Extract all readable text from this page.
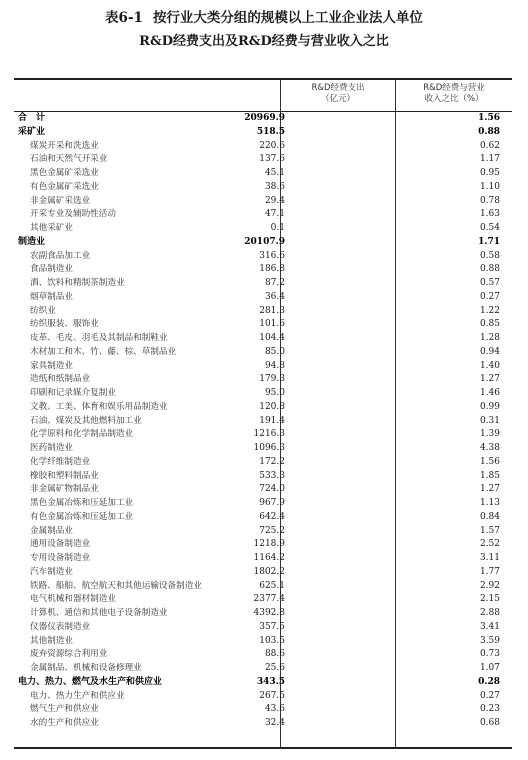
表6-1 按行业大类分组的规模以上工业企业法人单位
R&D经费支出及R&D经费与营业收入之比
R&D经费支出
（亿元）
R&D经费与营业
收入之比（%）
合　计	20969.9	1.56
采矿业	518.5	0.88
煤炭开采和洗选业	220.6	0.62
石油和天然气开采业	137.6	1.17
黑色金属矿采选业	45.1	0.95
有色金属矿采选业	38.6	1.10
非金属矿采选业	29.4	0.78
开采专业及辅助性活动	47.1	1.63
其他采矿业	0.1	0.54
制造业	20107.9	1.71
农副食品加工业	316.6	0.58
食品制造业	186.8	0.88
酒、饮料和精制茶制造业	87.2	0.57
烟草制品业	36.4	0.27
纺织业	281.3	1.22
纺织服装、服饰业	101.6	0.85
皮革、毛皮、羽毛及其制品和制鞋业	104.4	1.28
木材加工和木、竹、藤、棕、草制品业	85.0	0.94
家具制造业	94.8	1.40
造纸和纸制品业	179.3	1.27
印刷和记录媒介复制业	95.0	1.46
文教、工美、体育和娱乐用品制造业	120.8	0.99
石油、煤炭及其他燃料加工业	191.4	0.31
化学原料和化学制品制造业	1216.3	1.39
医药制造业	1096.3	4.38
化学纤维制造业	172.2	1.56
橡胶和塑料制品业	533.3	1.85
非金属矿物制品业	724.0	1.27
黑色金属冶炼和压延加工业	967.9	1.13
有色金属冶炼和压延加工业	642.4	0.84
金属制品业	725.2	1.57
通用设备制造业	1218.9	2.52
专用设备制造业	1164.2	3.11
汽车制造业	1802.2	1.77
铁路、船舶、航空航天和其他运输设备制造业	625.1	2.92
电气机械和器材制造业	2377.4	2.15
计算机、通信和其他电子设备制造业	4392.8	2.88
仪器仪表制造业	357.5	3.41
其他制造业	103.5	3.59
废弃资源综合利用业	88.6	0.73
金属制品、机械和设备修理业	25.6	1.07
电力、热力、燃气及水生产和供应业	343.5	0.28
电力、热力生产和供应业	267.5	0.27
燃气生产和供应业	43.6	0.23
水的生产和供应业	32.4	0.68
